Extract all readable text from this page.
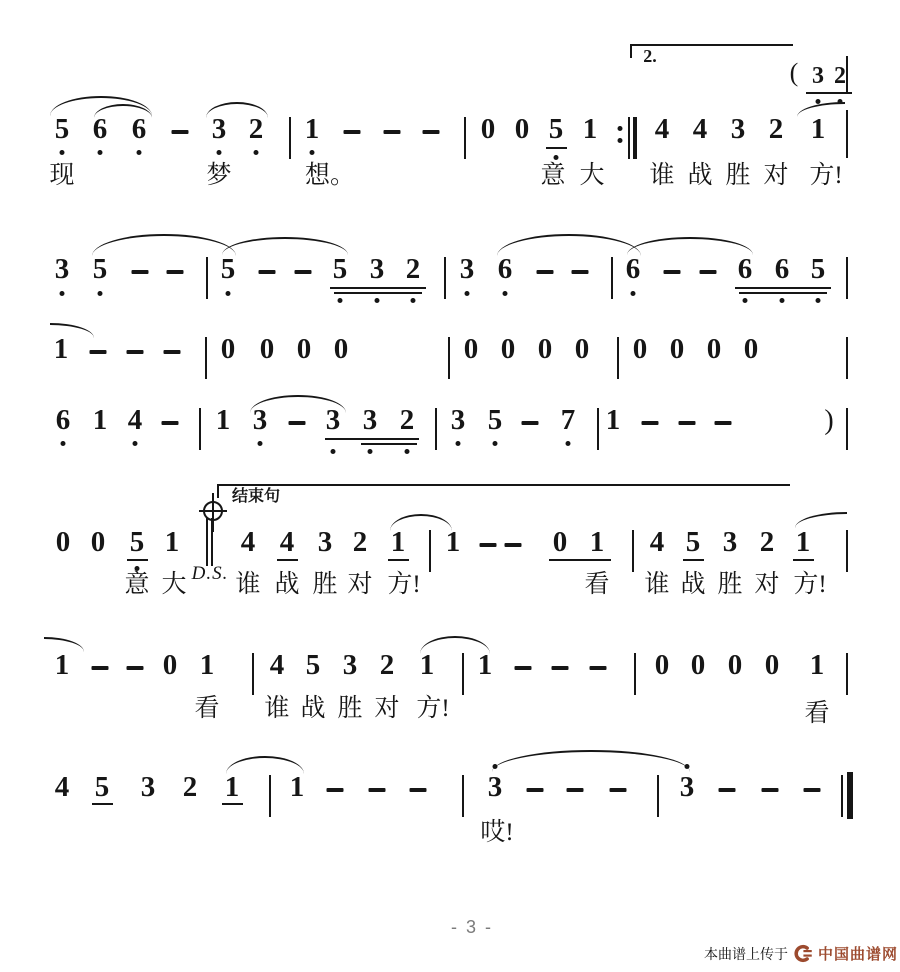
- 3 -
本曲谱上传于 中国曲谱网
2.
( 3 2
5 6 6 3 2 1	0 0 5 1 4 4 3 2 1
现	梦	想。	意 大 谁 战 胜 对 方!
3 5	5	5 3 2 3 6	6	6 6 5
1	0 0 0 0	0 0 0 0 0 0 0 0
6 1 4	1 3 3 3 2 3 5 7 1	)
结束句
0 0 5 1 4 4 3 2 1 1	0 1 4 5 3 2 1
D.S.
意 大 谁 战 胜 对 方!	看 谁 战 胜 对 方!
1	0 1 4 5 3 2 1 1	0 0 0 0 1
看 谁 战 胜 对 方!	看
4 5 3 2 1 1	3	3
哎!
